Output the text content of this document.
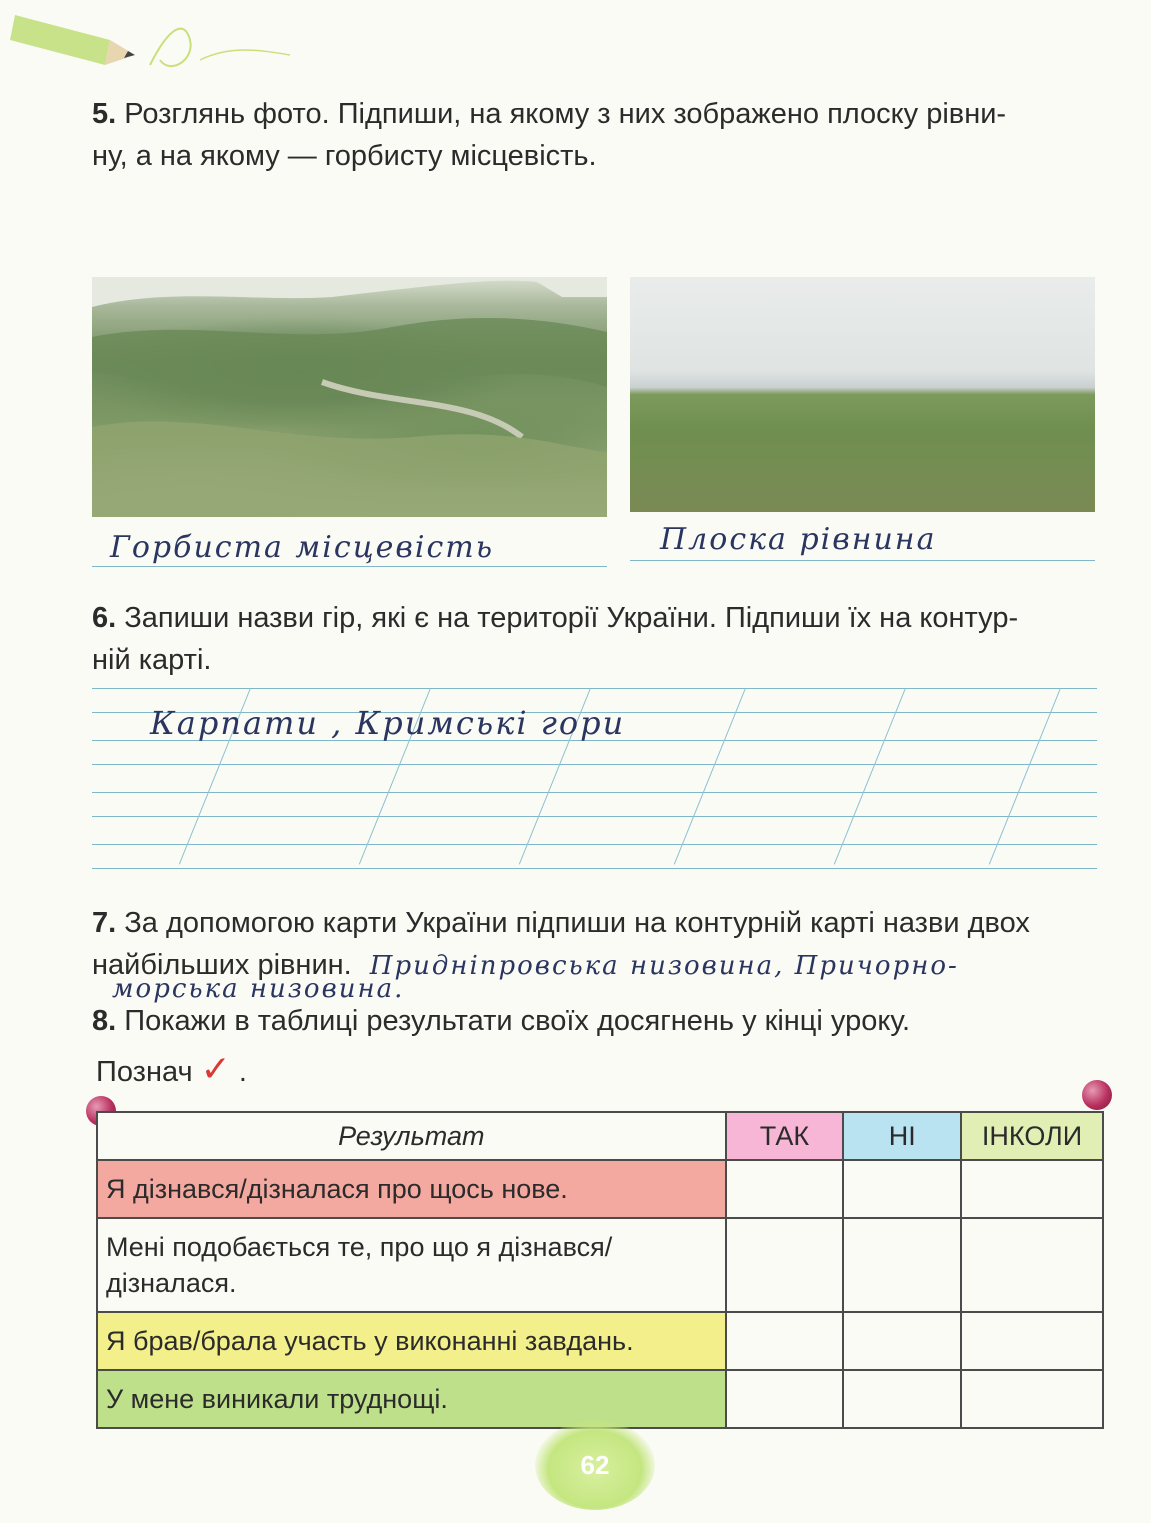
5. Розглянь фото. Підпиши, на якому з них зображено плоску рівни-
ну, а на якому — горбисту місцевість.
Горбиста місцевість	Плоска рівнина
6. Запиши назви гір, які є на території України. Підпиши їх на контур-
ній карті.
Карпати , Кримські гори
7. За допомогою карти України підпиши на контурній карті назви двох
найбільших рівнин. Придніпровська низовина, Причорно-
морська низовина.
8. Покажи в таблиці результати своїх досягнень у кінці уроку.
Познач ✓ .
Результат	ТАК	НІ	ІНКОЛИ
Я дізнався/дізналася про щось нове.			
Мені подобається те, про що я дізнався/ дізналася.			
Я брав/брала участь у виконанні завдань.			
У мене виникали труднощі.			
62
